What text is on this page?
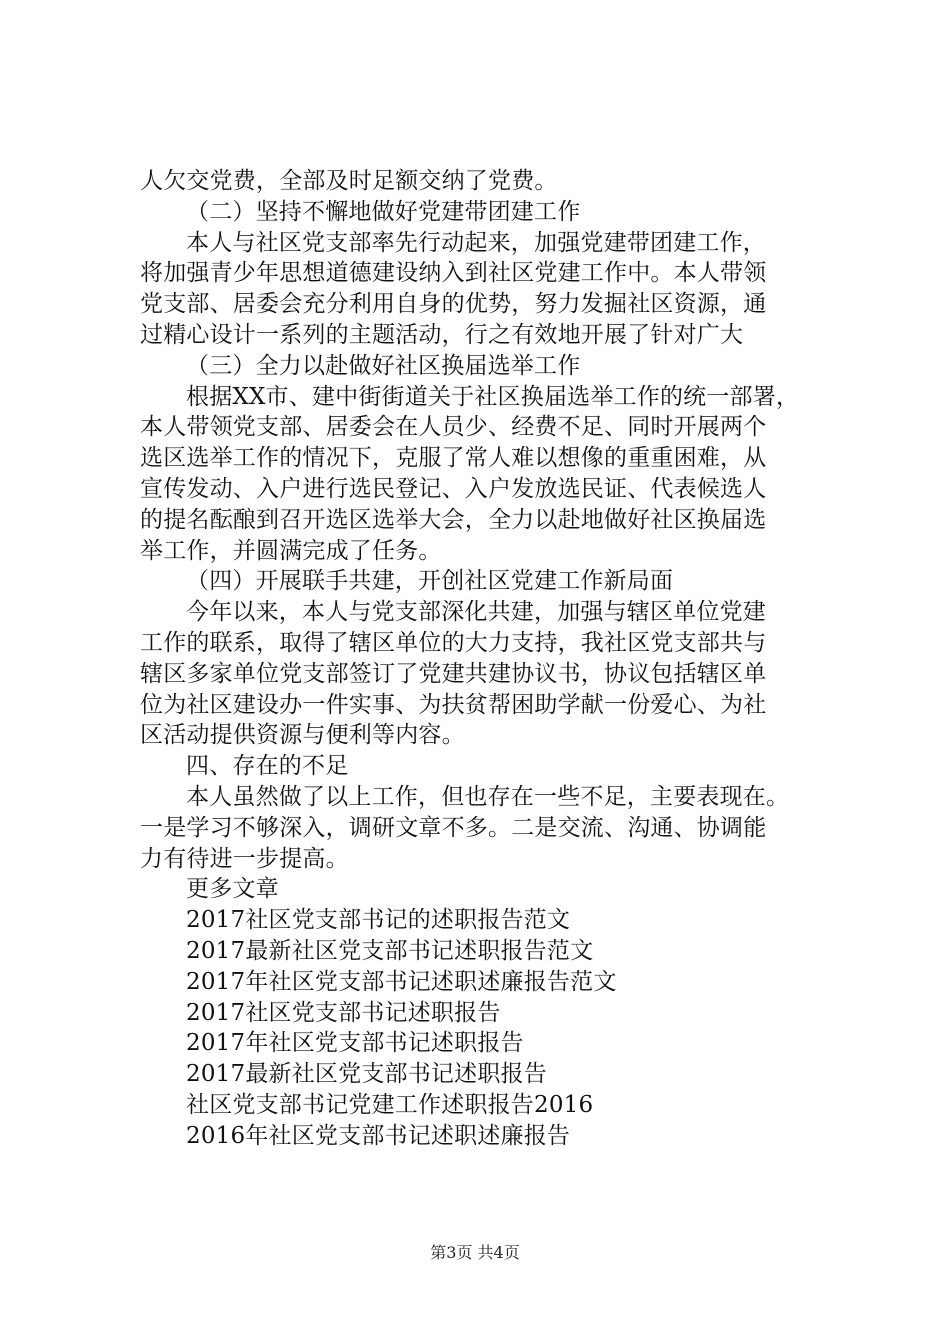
人欠交党费，全部及时足额交纳了党费。
（二）坚持不懈地做好党建带团建工作
本人与社区党支部率先行动起来，加强党建带团建工作，
将加强青少年思想道德建设纳入到社区党建工作中。本人带领
党支部、居委会充分利用自身的优势，努力发掘社区资源，通
过精心设计一系列的主题活动，行之有效地开展了针对广大
（三）全力以赴做好社区换届选举工作
根据XX市、建中街街道关于社区换届选举工作的统一部署，
本人带领党支部、居委会在人员少、经费不足、同时开展两个
选区选举工作的情况下，克服了常人难以想像的重重困难，从
宣传发动、入户进行选民登记、入户发放选民证、代表候选人
的提名酝酿到召开选区选举大会，全力以赴地做好社区换届选
举工作，并圆满完成了任务。
（四）开展联手共建，开创社区党建工作新局面
今年以来，本人与党支部深化共建，加强与辖区单位党建
工作的联系，取得了辖区单位的大力支持，我社区党支部共与
辖区多家单位党支部签订了党建共建协议书，协议包括辖区单
位为社区建设办一件实事、为扶贫帮困助学献一份爱心、为社
区活动提供资源与便利等内容。
四、存在的不足
本人虽然做了以上工作，但也存在一些不足，主要表现在。
一是学习不够深入，调研文章不多。二是交流、沟通、协调能
力有待进一步提高。
更多文章
2017社区党支部书记的述职报告范文
2017最新社区党支部书记述职报告范文
2017年社区党支部书记述职述廉报告范文
2017社区党支部书记述职报告
2017年社区党支部书记述职报告
2017最新社区党支部书记述职报告
社区党支部书记党建工作述职报告2016
2016年社区党支部书记述职述廉报告
第3页 共4页
